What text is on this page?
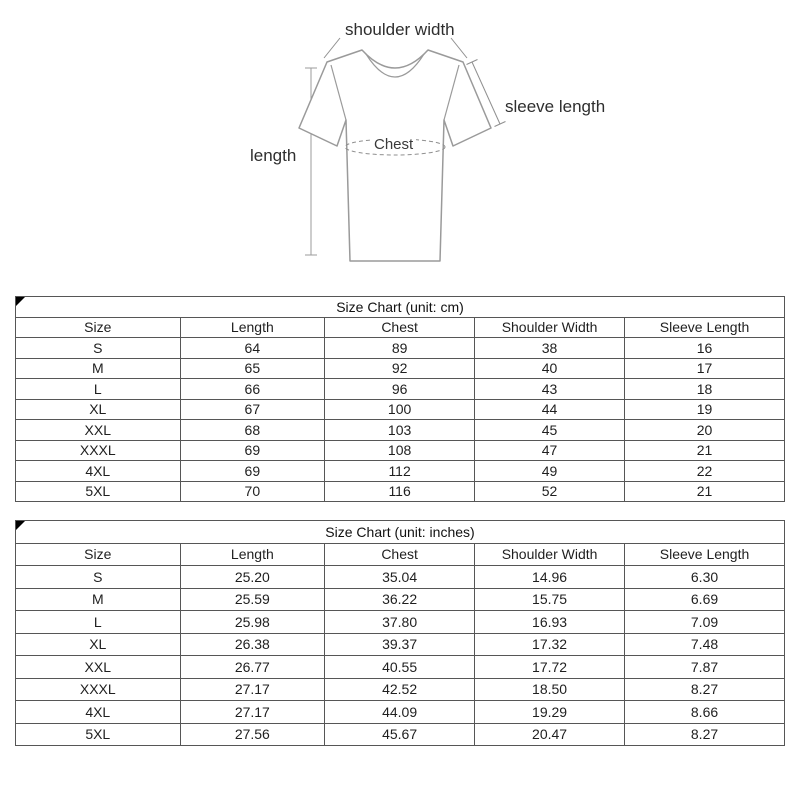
shoulder width
sleeve length
length
Chest
Size Chart (unit: cm)				
Size	Length	Chest	Shoulder Width	Sleeve Length
S	64	89	38	16
M	65	92	40	17
L	66	96	43	18
XL	67	100	44	19
XXL	68	103	45	20
XXXL	69	108	47	21
4XL	69	112	49	22
5XL	70	116	52	21
Size Chart (unit: inches)				
Size	Length	Chest	Shoulder Width	Sleeve Length
S	25.20	35.04	14.96	6.30
M	25.59	36.22	15.75	6.69
L	25.98	37.80	16.93	7.09
XL	26.38	39.37	17.32	7.48
XXL	26.77	40.55	17.72	7.87
XXXL	27.17	42.52	18.50	8.27
4XL	27.17	44.09	19.29	8.66
5XL	27.56	45.67	20.47	8.27
